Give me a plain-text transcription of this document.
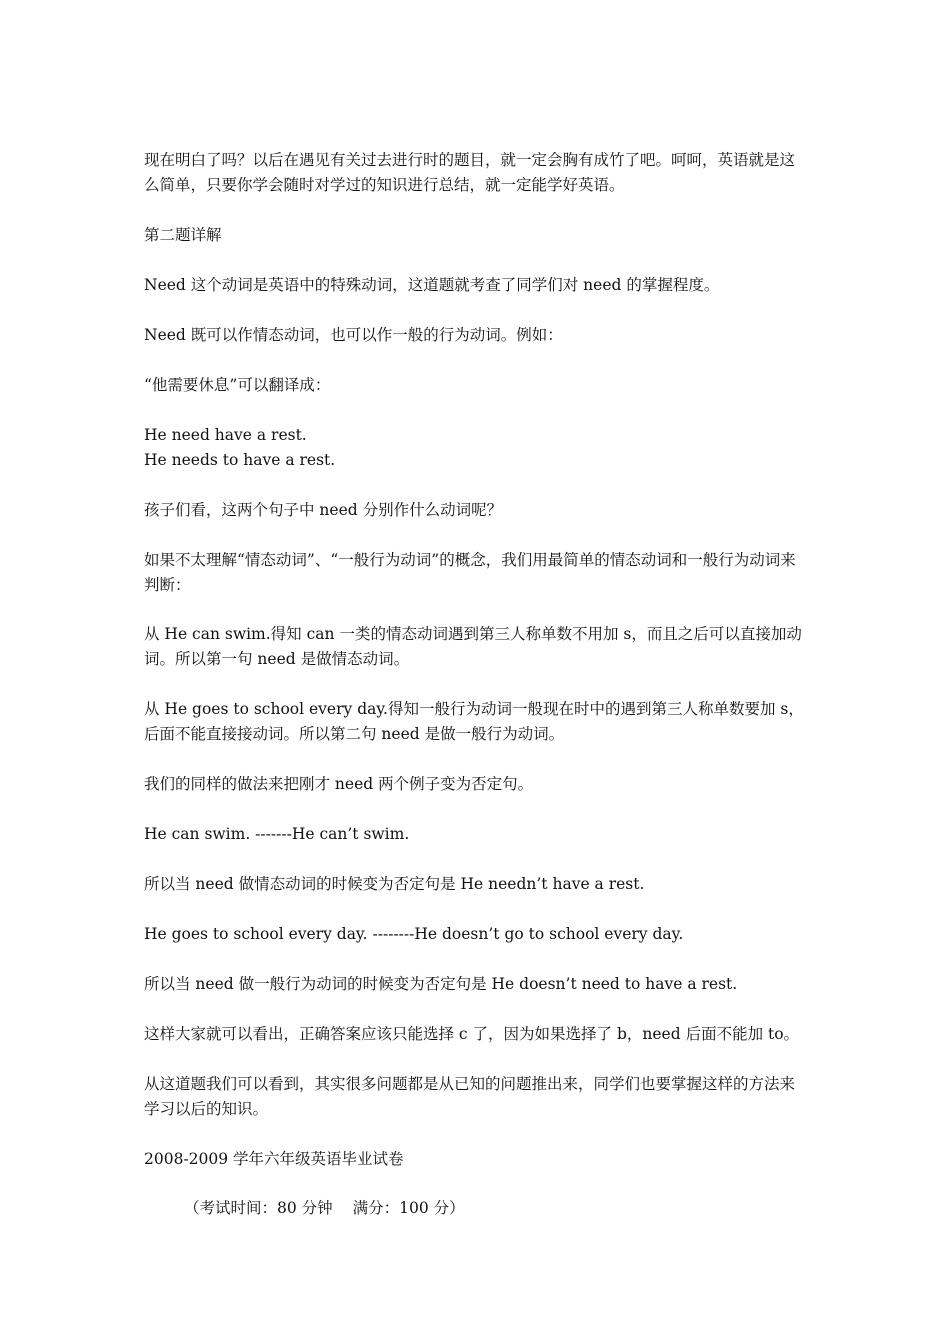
现在明白了吗？以后在遇见有关过去进行时的题目，就一定会胸有成竹了吧。呵呵，英语就是这么简单，只要你学会随时对学过的知识进行总结，就一定能学好英语。

第二题详解

Need 这个动词是英语中的特殊动词，这道题就考查了同学们对 need 的掌握程度。

Need 既可以作情态动词，也可以作一般的行为动词。例如：

“他需要休息”可以翻译成：

He need have a rest.

He needs to have a rest.

孩子们看，这两个句子中 need 分别作什么动词呢？

如果不太理解“情态动词”、“一般行为动词”的概念，我们用最简单的情态动词和一般行为动词来判断：

从 He can swim.得知 can 一类的情态动词遇到第三人称单数不用加 s，而且之后可以直接加动词。所以第一句 need 是做情态动词。

从 He goes to school every day.得知一般行为动词一般现在时中的遇到第三人称单数要加 s，后面不能直接接动词。所以第二句 need 是做一般行为动词。

我们的同样的做法来把刚才 need 两个例子变为否定句。

He can swim. -------He can’t swim.

所以当 need 做情态动词的时候变为否定句是 He needn’t have a rest.

He goes to school every day. --------He doesn’t go to school every day.

所以当 need 做一般行为动词的时候变为否定句是 He doesn’t need to have a rest.

这样大家就可以看出，正确答案应该只能选择 c 了，因为如果选择了 b，need 后面不能加 to。

从这道题我们可以看到，其实很多问题都是从已知的问题推出来，同学们也要掌握这样的方法来学习以后的知识。

2008-2009 学年六年级英语毕业试卷

（考试时间：80 分钟 满分：100 分）
